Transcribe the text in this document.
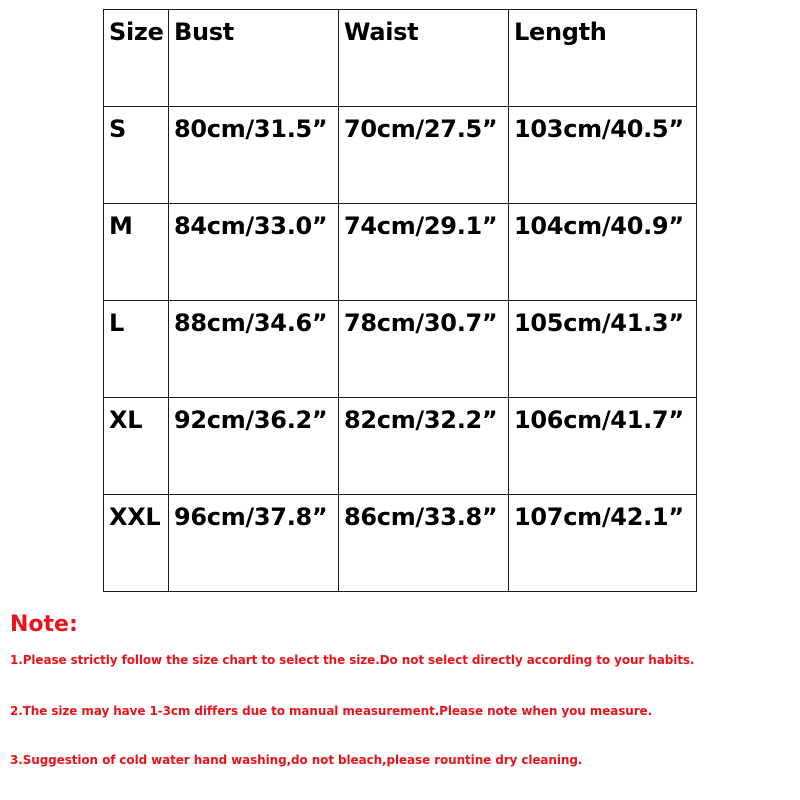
Size	Bust	Waist	Length
S	80cm/31.5”	70cm/27.5”	103cm/40.5”
M	84cm/33.0”	74cm/29.1”	104cm/40.9”
L	88cm/34.6”	78cm/30.7”	105cm/41.3”
XL	92cm/36.2”	82cm/32.2”	106cm/41.7”
XXL	96cm/37.8”	86cm/33.8”	107cm/42.1”

Note:

1.Please strictly follow the size chart to select the size.Do not select directly according to your habits.

2.The size may have 1-3cm differs due to manual measurement.Please note when you measure.

3.Suggestion of cold water hand washing,do not bleach,please rountine dry cleaning.
